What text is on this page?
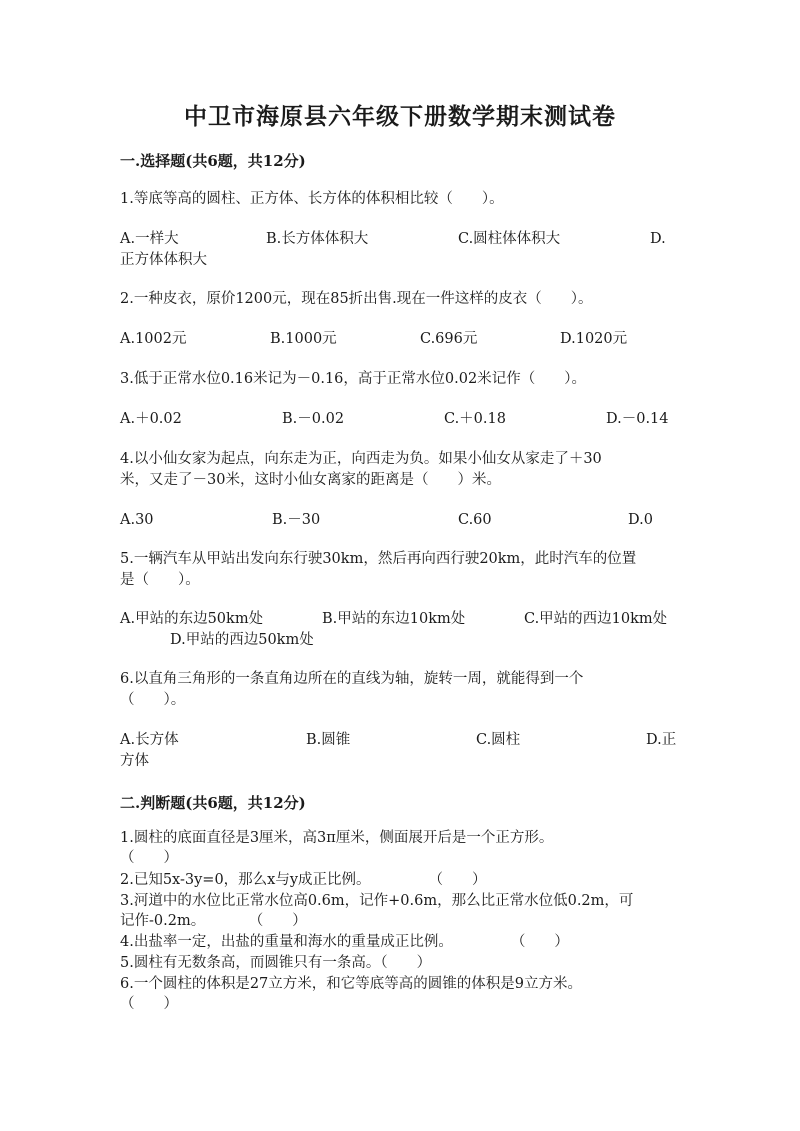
中卫市海原县六年级下册数学期末测试卷
一.选择题(共6题，共12分)
1.等底等高的圆柱、正方体、长方体的体积相比较（　　）。
A.一样大	B.长方体体积大	C.圆柱体体积大	D.
正方体体积大
2.一种皮衣，原价1200元，现在85折出售.现在一件这样的皮衣（　　）。
A.1002元	B.1000元	C.696元	D.1020元
3.低于正常水位0.16米记为－0.16，高于正常水位0.02米记作（　　）。
A.＋0.02	B.－0.02	C.＋0.18	D.－0.14
4.以小仙女家为起点，向东走为正，向西走为负。如果小仙女从家走了＋30
米，又走了－30米，这时小仙女离家的距离是（　　）米。
A.30	B.－30	C.60	D.0
5.一辆汽车从甲站出发向东行驶30km，然后再向西行驶20km，此时汽车的位置
是（　　）。
A.甲站的东边50km处	B.甲站的东边10km处	C.甲站的西边10km处
D.甲站的西边50km处
6.以直角三角形的一条直角边所在的直线为轴，旋转一周，就能得到一个
（　　）。
A.长方体	B.圆锥	C.圆柱	D.正
方体
二.判断题(共6题，共12分)
1.圆柱的底面直径是3厘米，高3π厘米，侧面展开后是一个正方形。
（　　）
2.已知5x-3y=0，那么x与y成正比例。　　　　　（　　）
3.河道中的水位比正常水位高0.6m，记作+0.6m，那么比正常水位低0.2m，可
记作-0.2m。　　　　（　　）
4.出盐率一定，出盐的重量和海水的重量成正比例。　　　　　（　　）
5.圆柱有无数条高，而圆锥只有一条高。（　　）
6.一个圆柱的体积是27立方米，和它等底等高的圆锥的体积是9立方米。
（　　）
